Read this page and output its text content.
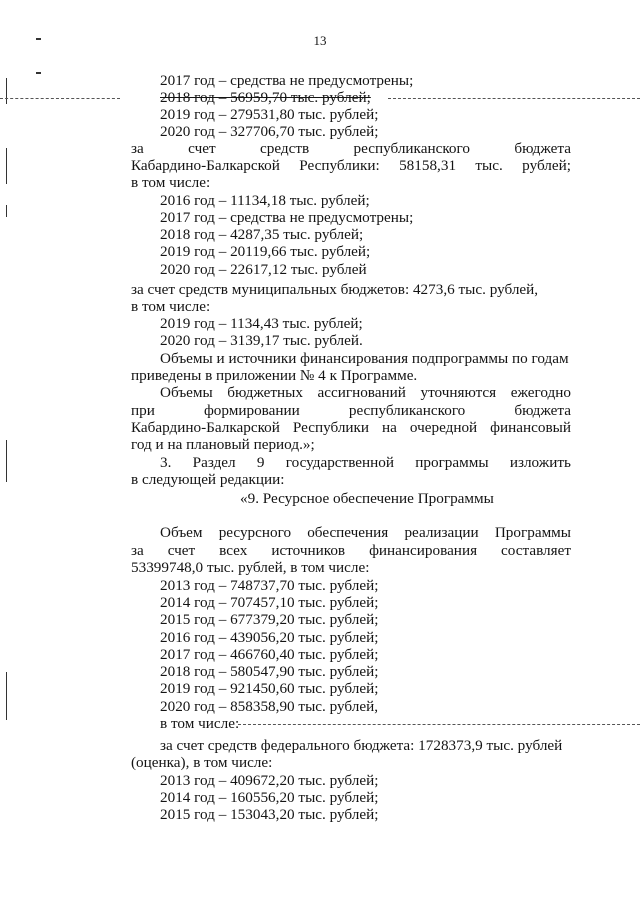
13
2017 год – средства не предусмотрены;
2018 год – 56959,70 тыс. рублей;
2019 год – 279531,80 тыс. рублей;
2020 год – 327706,70 тыс. рублей;
за	счет	средств	республиканского	бюджета
Кабардино-Балкарской Республики: 58158,31 тыс. рублей;
в том числе:
2016 год – 11134,18 тыс. рублей;
2017 год – средства не предусмотрены;
2018 год – 4287,35 тыс. рублей;
2019 год – 20119,66 тыс. рублей;
2020 год – 22617,12 тыс. рублей
за счет средств муниципальных бюджетов: 4273,6 тыс. рублей,
в том числе:
2019 год – 1134,43 тыс. рублей;
2020 год – 3139,17 тыс. рублей.
Объемы и источники финансирования подпрограммы по годам
приведены в приложении № 4 к Программе.
Объемы бюджетных ассигнований уточняются ежегодно
при	формировании	республиканского	бюджета
Кабардино-Балкарской Республики на очередной финансовый
год и на плановый период.»;
3. Раздел 9 государственной программы изложить
в следующей редакции:
«9. Ресурсное обеспечение Программы
Объем ресурсного обеспечения реализации Программы
за счет всех источников финансирования составляет
53399748,0 тыс. рублей, в том числе:
2013 год – 748737,70 тыс. рублей;
2014 год – 707457,10 тыс. рублей;
2015 год – 677379,20 тыс. рублей;
2016 год – 439056,20 тыс. рублей;
2017 год – 466760,40 тыс. рублей;
2018 год – 580547,90 тыс. рублей;
2019 год – 921450,60 тыс. рублей;
2020 год – 858358,90 тыс. рублей,
в том числе:
за счет средств федерального бюджета: 1728373,9 тыс. рублей
(оценка), в том числе:
2013 год – 409672,20 тыс. рублей;
2014 год – 160556,20 тыс. рублей;
2015 год – 153043,20 тыс. рублей;
